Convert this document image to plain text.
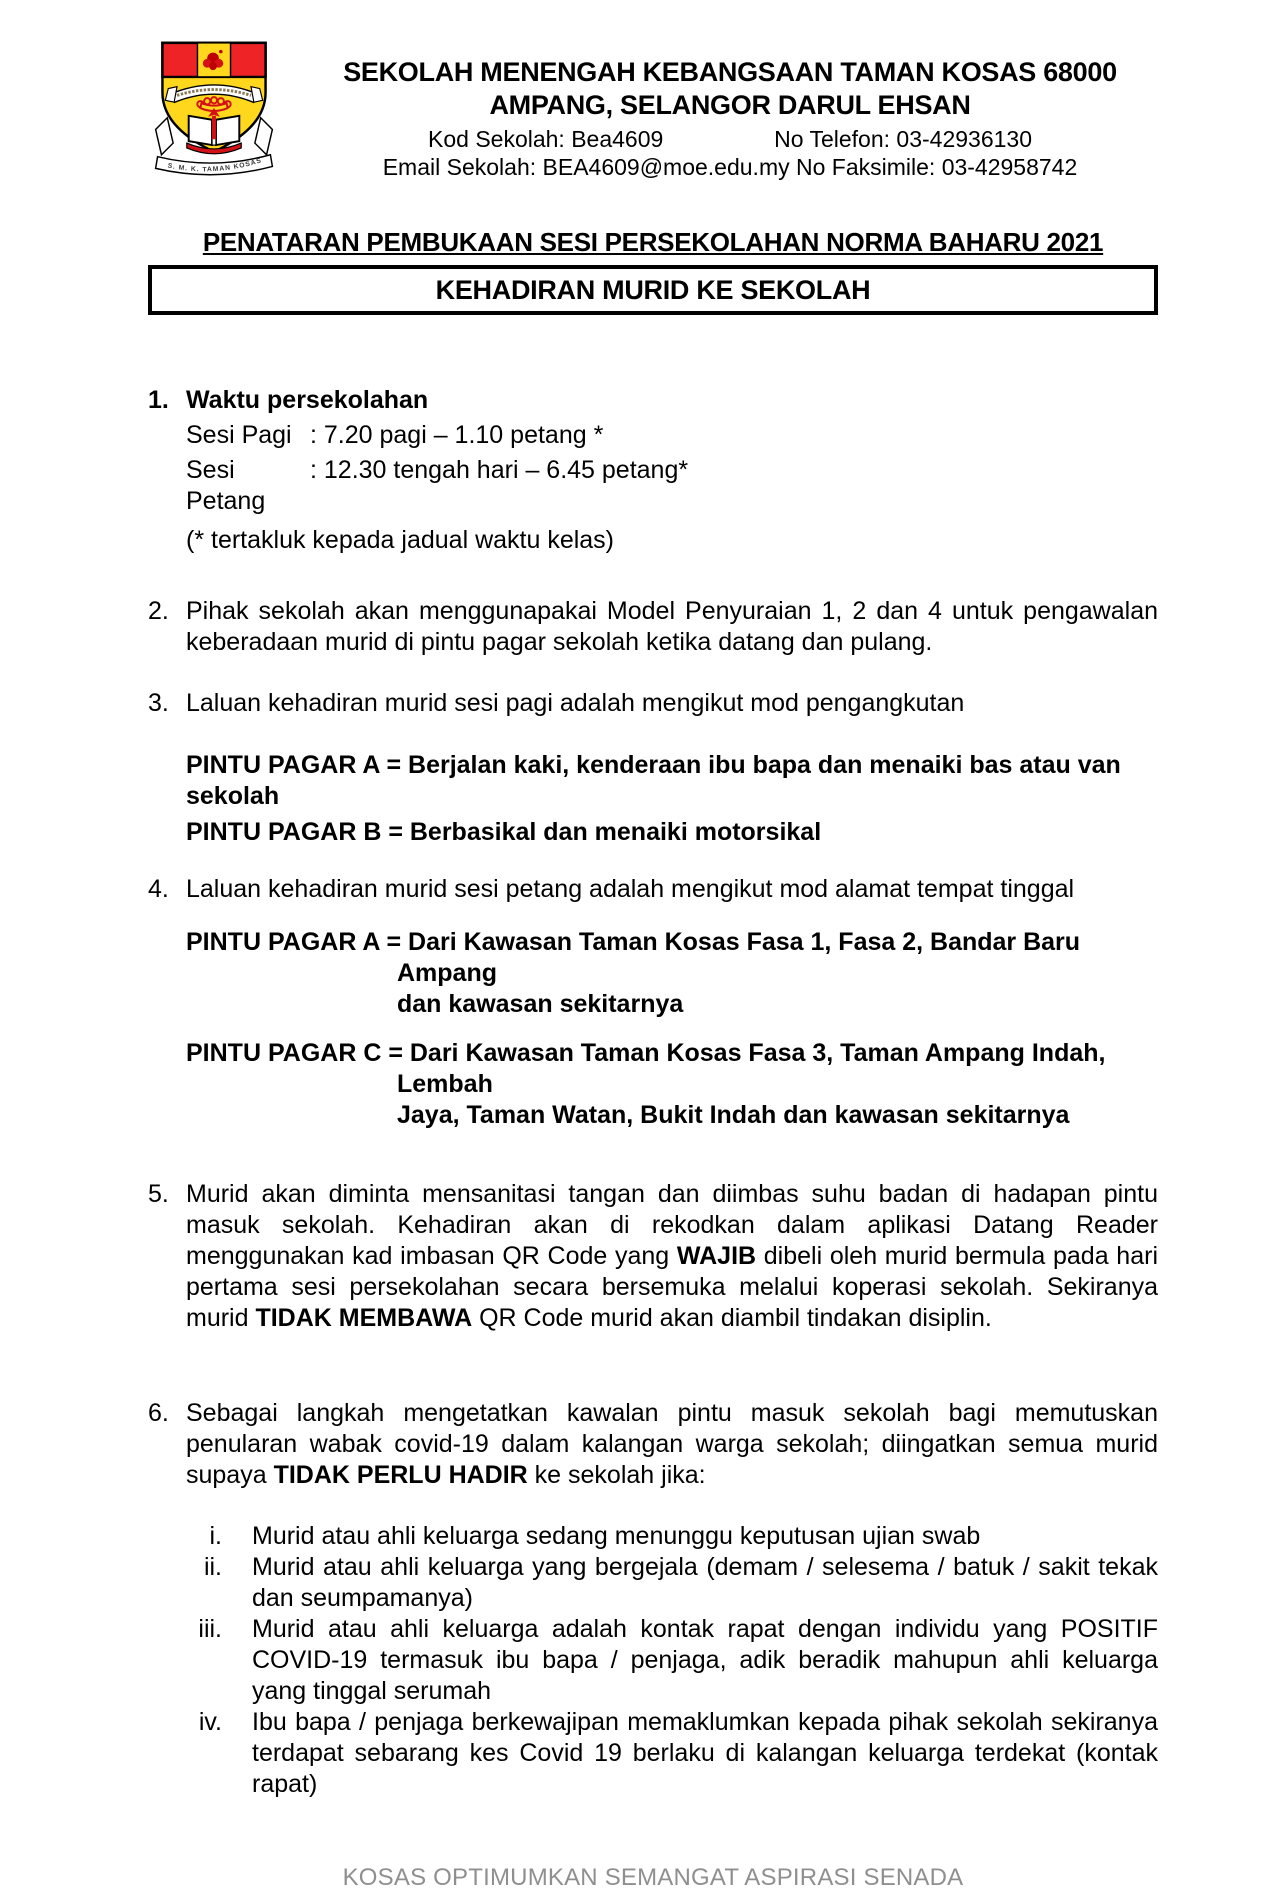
S. M. K. TAMAN KOSAS
SEKOLAH MENENGAH KEBANGSAAN TAMAN KOSAS 68000
AMPANG, SELANGOR DARUL EHSAN
Kod Sekolah: Bea4609	No Telefon: 03-42936130
Email Sekolah: BEA4609@moe.edu.my No Faksimile: 03-42958742
PENATARAN PEMBUKAAN SESI PERSEKOLAHAN NORMA BAHARU 2021
KEHADIRAN MURID KE SEKOLAH
1. Waktu persekolahan
Sesi Pagi : 7.20 pagi – 1.10 petang *
Sesi Petang
: 12.30 tengah hari – 6.45 petang*
(* tertakluk kepada jadual waktu kelas)
2. Pihak sekolah akan menggunapakai Model Penyuraian 1, 2 dan 4 untuk pengawalan keberadaan murid di pintu pagar sekolah ketika datang dan pulang.
3. Laluan kehadiran murid sesi pagi adalah mengikut mod pengangkutan
PINTU PAGAR A = Berjalan kaki, kenderaan ibu bapa dan menaiki bas atau van sekolah
PINTU PAGAR B = Berbasikal dan menaiki motorsikal
4. Laluan kehadiran murid sesi petang adalah mengikut mod alamat tempat tinggal

PINTU PAGAR A = Dari Kawasan Taman Kosas Fasa 1, Fasa 2, Bandar Baru Ampang
dan kawasan sekitarnya

PINTU PAGAR C = Dari Kawasan Taman Kosas Fasa 3, Taman Ampang Indah, Lembah
Jaya, Taman Watan, Bukit Indah dan kawasan sekitarnya

5. Murid akan diminta mensanitasi tangan dan diimbas suhu badan di hadapan pintu masuk sekolah. Kehadiran akan di rekodkan dalam aplikasi Datang Reader menggunakan kad imbasan QR Code yang WAJIB dibeli oleh murid bermula pada hari pertama sesi persekolahan secara bersemuka melalui koperasi sekolah. Sekiranya murid TIDAK MEMBAWA QR Code murid akan diambil tindakan disiplin.
6. Sebagai langkah mengetatkan kawalan pintu masuk sekolah bagi memutuskan penularan wabak covid-19 dalam kalangan warga sekolah; diingatkan semua murid supaya TIDAK PERLU HADIR ke sekolah jika:
i. Murid atau ahli keluarga sedang menunggu keputusan ujian swab
ii. Murid atau ahli keluarga yang bergejala (demam / selesema / batuk / sakit tekak dan seumpamanya)
iii. Murid atau ahli keluarga adalah kontak rapat dengan individu yang POSITIF COVID-19 termasuk ibu bapa / penjaga, adik beradik mahupun ahli keluarga yang tinggal serumah
iv. Ibu bapa / penjaga berkewajipan memaklumkan kepada pihak sekolah sekiranya terdapat sebarang kes Covid 19 berlaku di kalangan keluarga terdekat (kontak rapat)
KOSAS OPTIMUMKAN SEMANGAT ASPIRASI SENADA
